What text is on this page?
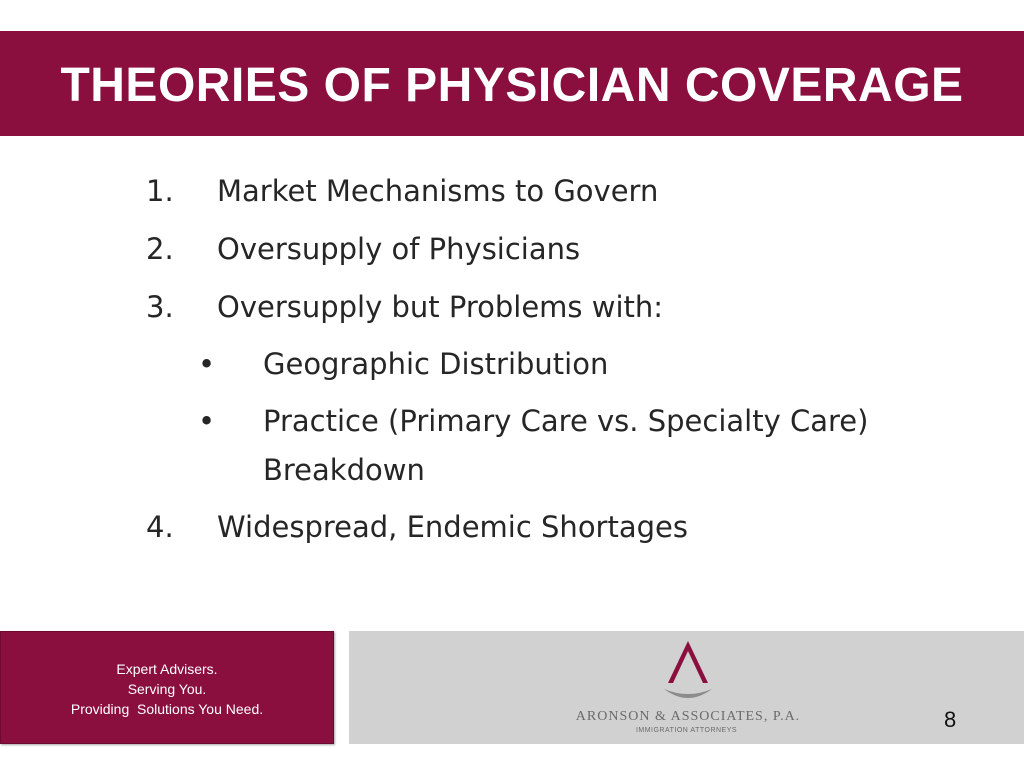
THEORIES OF PHYSICIAN COVERAGE
1. Market Mechanisms to Govern
2. Oversupply of Physicians
3. Oversupply but Problems with:
• Geographic Distribution
• Practice (Primary Care vs. Specialty Care)
Breakdown
4. Widespread, Endemic Shortages
Expert Advisers.
Serving You.
Providing  Solutions You Need.	ARONSON & ASSOCIATES, P.A.
IMMIGRATION ATTORNEYS	8
